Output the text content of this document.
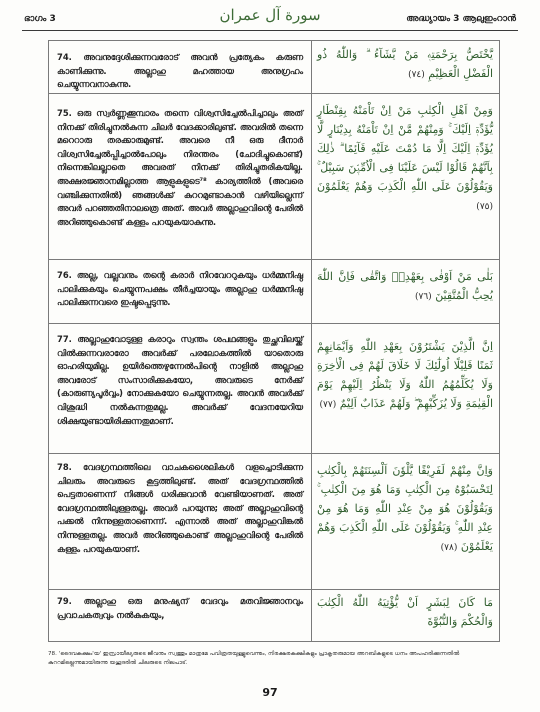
ഭാഗം 3	سورة آل عمران	അദ്ധ്യായം 3 ആലുഇംറാൻ

74. അവനുദ്ദേശിക്കുന്നവരോട് അവൻ പ്രത്യേകം കരുണ കാണിക്കുന്നു. അല്ലാഹു മഹത്തായ അനുഗ്രഹം ചെയ്യുന്നവനാകുന്നു.

يَّخْتَصُّ بِرَحْمَتِهٖ مَنْ يَّشَآءُ ۗ وَاللّٰهُ ذُو الْفَضْلِ الْعَظِيْمِ (٧٤)

75. ഒരു സ്വർണ്ണക്കൂമ്പാരം തന്നെ വിശ്വസിച്ചേൽപിച്ചാലും അത് നിനക്ക് തിരിച്ചുനൽകുന്ന ചിലർ വേദക്കാരിലുണ്ട്. അവരിൽ തന്നെ മറെറാരു തരക്കാരുമുണ്ട്. അവരെ നീ ഒരു ദീനാർ വിശ്വസിച്ചേൽപ്പിച്ചാൽപോലും നിരന്തരം (ചോദിച്ചുകൊണ്ട്) നിന്നെങ്കിലല്ലാതെ അവരത് നിനക്ക് തിരിച്ചുതരികയില്ല. അക്ഷരജ്ഞാനമില്ലാത്ത ആളുകളുടെ⁷⁸ കാര്യത്തിൽ (അവരെ വഞ്ചിക്കുന്നതിൽ) ഞങ്ങൾക്ക് കുററമുണ്ടാകാൻ വഴിയില്ലെന്ന് അവർ പറഞ്ഞതിനാലത്രെ അത്. അവർ അല്ലാഹുവിന്റെ പേരിൽ അറിഞ്ഞുകൊണ്ട് കള്ളം പറയുകയാകുന്നു.

وَمِنْ اَهْلِ الْكِتٰبِ مَنْ اِنْ تَاْمَنْهُ بِقِنْطَارٍ يُّؤَدِّهٖٓ اِلَيْكَ ۚ وَمِنْهُمْ مَّنْ اِنْ تَاْمَنْهُ بِدِيْنَارٍ لَّا يُؤَدِّهٖٓ اِلَيْكَ اِلَّا مَا دُمْتَ عَلَيْهِ قَآئِمًا ۗ ذٰلِكَ بِاَنَّهُمْ قَالُوْا لَيْسَ عَلَيْنَا فِى الْاُمِّيّٖنَ سَبِيْلٌ ۚ وَيَقُوْلُوْنَ عَلَى اللّٰهِ الْكَذِبَ وَهُمْ يَعْلَمُوْنَ (٧٥)

76. അല്ല, വല്ലവനും തന്റെ കരാർ നിറവേററുകയും ധർമ്മനിഷ്ഠ പാലിക്കുകയും ചെയ്യുന്നപക്ഷം തീർച്ചയായും അല്ലാഹു ധർമ്മനിഷ്ഠ പാലിക്കുന്നവരെ ഇഷ്ടപ്പെടുന്നു.

بَلٰى مَنْ اَوْفٰى بِعَهْدِهٖ وَاتَّقٰى فَاِنَّ اللّٰهَ يُحِبُّ الْمُتَّقِيْنَ (٧٦)

77. അല്ലാഹുവോടുള്ള കരാറും സ്വന്തം ശപഥങ്ങളും തുച്ഛവിലയ്ക്ക് വിൽക്കുന്നവരാരോ അവർക്ക് പരലോകത്തിൽ യാതൊരു ഓഹരിയുമില്ല. ഉയിർത്തെഴുന്നേൽപിന്റെ നാളിൽ അല്ലാഹു അവരോട് സംസാരിക്കുകയോ, അവരുടെ നേർക്ക് (കാരുണ്യപൂർവ്വം) നോക്കുകയോ ചെയ്യുന്നതല്ല. അവൻ അവർക്ക് വിശുദ്ധി നൽകുന്നതുമല്ല. അവർക്ക് വേദനയേറിയ ശിക്ഷയുണ്ടായിരിക്കുന്നതുമാണ്.

اِنَّ الَّذِيْنَ يَشْتَرُوْنَ بِعَهْدِ اللّٰهِ وَاَيْمَانِهِمْ ثَمَنًا قَلِيْلًا اُولٰٓئِكَ لَا خَلَاقَ لَهُمْ فِى الْاٰخِرَةِ وَلَا يُكَلِّمُهُمُ اللّٰهُ وَلَا يَنْظُرُ اِلَيْهِمْ يَوْمَ الْقِيٰمَةِ وَلَا يُزَكِّيْهِمْ ۖ وَلَهُمْ عَذَابٌ اَلِيْمٌ (٧٧)

78. വേദഗ്രന്ഥത്തിലെ വാചകശൈലികൾ വളച്ചൊടിക്കുന്ന ചിലരും അവരുടെ കൂട്ടത്തിലുണ്ട്. അത് വേദഗ്രന്ഥത്തിൽ പെട്ടതാണെന്ന് നിങ്ങൾ ധരിക്കുവാൻ വേണ്ടിയാണത്. അത് വേദഗ്രന്ഥത്തിലുള്ളതല്ല. അവർ പറയുന്നു; അത് അല്ലാഹുവിന്റെ പക്കൽ നിന്നുള്ളതാണെന്ന്. എന്നാൽ അത് അല്ലാഹുവിങ്കൽ നിന്നുള്ളതല്ല. അവർ അറിഞ്ഞുകൊണ്ട് അല്ലാഹുവിന്റെ പേരിൽ കള്ളം പറയുകയാണ്.

وَاِنَّ مِنْهُمْ لَفَرِيْقًا يَّلْوٗنَ اَلْسِنَتَهُمْ بِالْكِتٰبِ لِتَحْسَبُوْهُ مِنَ الْكِتٰبِ وَمَا هُوَ مِنَ الْكِتٰبِ ۚ وَيَقُوْلُوْنَ هُوَ مِنْ عِنْدِ اللّٰهِ وَمَا هُوَ مِنْ عِنْدِ اللّٰهِ ۚ وَيَقُوْلُوْنَ عَلَى اللّٰهِ الْكَذِبَ وَهُمْ يَعْلَمُوْنَ (٧٨)

79. അല്ലാഹു ഒരു മനുഷ്യന് വേദവും മതവിജ്ഞാനവും പ്രവാചകത്വവും നൽകുകയും,

مَا كَانَ لِبَشَرٍ اَنْ يُّؤْتِيَهُ اللّٰهُ الْكِتٰبَ وَالْحُكْمَ وَالنُّبُوَّةَ

78. 'ദൈവകക്ഷം'യ' ഇസ്രായീല്യരുടെ ജീവനും സ്വത്തും മാത്രമേ പവിത്രതയുള്ളൂവെന്നും, നിരക്ഷരകുക്ഷികളും പ്രാകൃതരുമായ അറബികളുടെ ധനം അപഹരിക്കുന്നതിൽ കുററമില്ലെന്നുമായിരുന്നു യഹൂദരിൽ ചിലരുടെ നിലപാട്.

97
